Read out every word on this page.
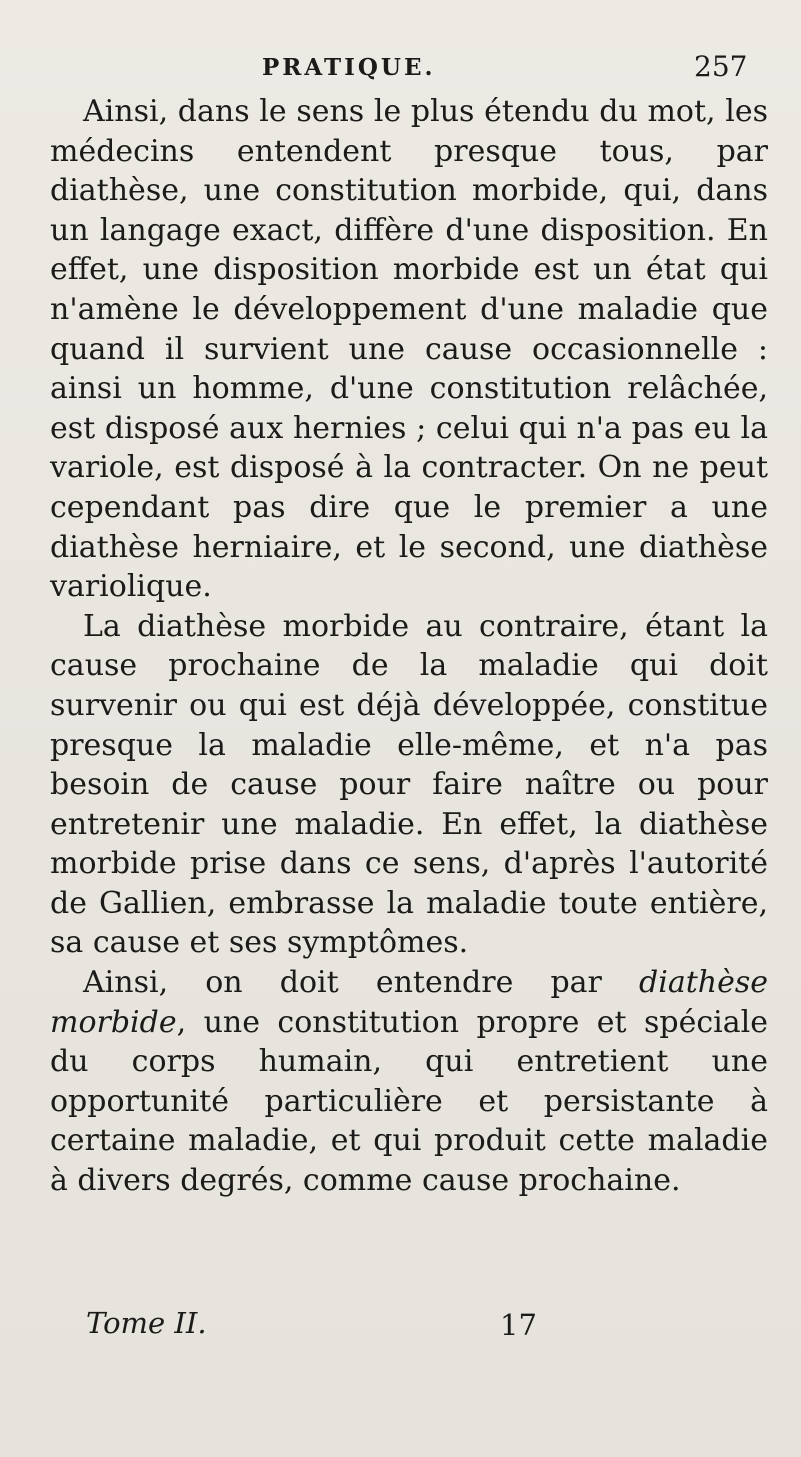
PRATIQUE.	257

Ainsi, dans le sens le plus étendu du mot, les médecins entendent presque tous, par diathèse, une constitution morbide, qui, dans un langage exact, diffère d'une disposition. En effet, une disposition morbide est un état qui n'amène le développement d'une maladie que quand il survient une cause occasionnelle : ainsi un homme, d'une constitution relâchée, est disposé aux hernies ; celui qui n'a pas eu la variole, est disposé à la contracter. On ne peut cependant pas dire que le premier a une diathèse herniaire, et le second, une diathèse variolique.

La diathèse morbide au contraire, étant la cause prochaine de la maladie qui doit survenir ou qui est déjà développée, constitue presque la maladie elle-même, et n'a pas besoin de cause pour faire naître ou pour entretenir une maladie. En effet, la diathèse morbide prise dans ce sens, d'après l'autorité de Gallien, embrasse la maladie toute entière, sa cause et ses symptômes.

Ainsi, on doit entendre par diathèse morbide, une constitution propre et spéciale du corps humain, qui entretient une opportunité particulière et persistante à certaine maladie, et qui produit cette maladie à divers degrés, comme cause prochaine.

Tome II.	17
